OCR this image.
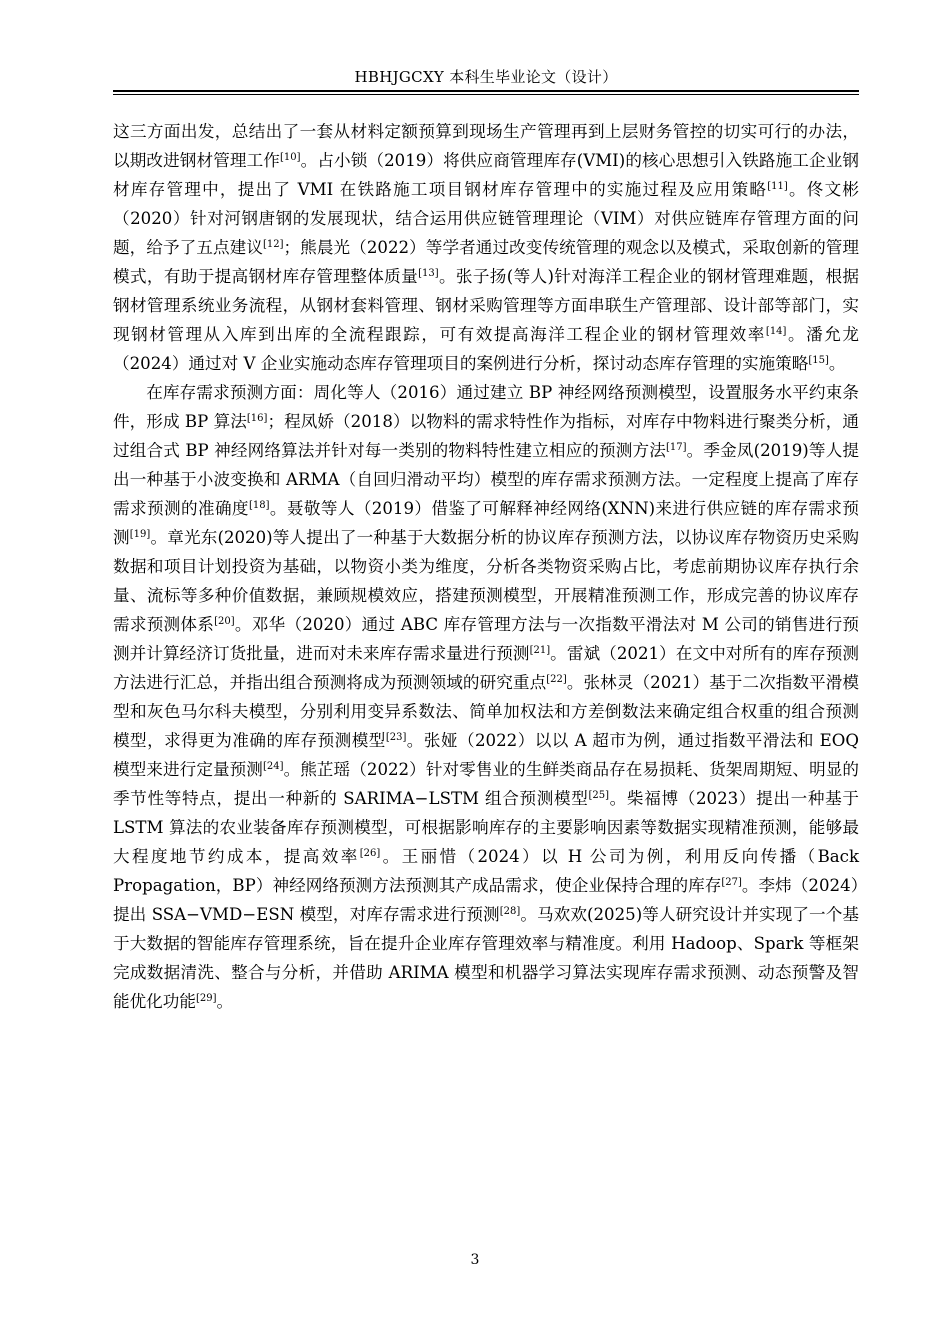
HBHJGCXY 本科生毕业论文（设计）

这三方面出发，总结出了一套从材料定额预算到现场生产管理再到上层财务管控的切实可行的办法，以期改进钢材管理工作[10]。占小锁（2019）将供应商管理库存(VMI)的核心思想引入铁路施工企业钢材库存管理中，提出了 VMI 在铁路施工项目钢材库存管理中的实施过程及应用策略[11]。佟文彬（2020）针对河钢唐钢的发展现状，结合运用供应链管理理论（VIM）对供应链库存管理方面的问题，给予了五点建议[12]；熊晨光（2022）等学者通过改变传统管理的观念以及模式，采取创新的管理模式，有助于提高钢材库存管理整体质量[13]。张子扬(等人)针对海洋工程企业的钢材管理难题，根据钢材管理系统业务流程，从钢材套料管理、钢材采购管理等方面串联生产管理部、设计部等部门，实现钢材管理从入库到出库的全流程跟踪，可有效提高海洋工程企业的钢材管理效率[14]。潘允龙（2024）通过对 V 企业实施动态库存管理项目的案例进行分析，探讨动态库存管理的实施策略[15]。

在库存需求预测方面：周化等人（2016）通过建立 BP 神经网络预测模型，设置服务水平约束条件，形成 BP 算法[16]；程凤娇（2018）以物料的需求特性作为指标，对库存中物料进行聚类分析，通过组合式 BP 神经网络算法并针对每一类别的物料特性建立相应的预测方法[17]。季金凤(2019)等人提出一种基于小波变换和 ARMA（自回归滑动平均）模型的库存需求预测方法。一定程度上提高了库存需求预测的准确度[18]。聂敬等人（2019）借鉴了可解释神经网络(XNN)来进行供应链的库存需求预测[19]。章光东(2020)等人提出了一种基于大数据分析的协议库存预测方法，以协议库存物资历史采购数据和项目计划投资为基础，以物资小类为维度，分析各类物资采购占比，考虑前期协议库存执行余量、流标等多种价值数据，兼顾规模效应，搭建预测模型，开展精准预测工作，形成完善的协议库存需求预测体系[20]。邓华（2020）通过 ABC 库存管理方法与一次指数平滑法对 M 公司的销售进行预测并计算经济订货批量，进而对未来库存需求量进行预测[21]。雷斌（2021）在文中对所有的库存预测方法进行汇总，并指出组合预测将成为预测领域的研究重点[22]。张林灵（2021）基于二次指数平滑模型和灰色马尔科夫模型，分别利用变异系数法、简单加权法和方差倒数法来确定组合权重的组合预测模型，求得更为准确的库存预测模型[23]。张娅（2022）以以 A 超市为例，通过指数平滑法和 EOQ 模型来进行定量预测[24]。熊芷瑶（2022）针对零售业的生鲜类商品存在易损耗、货架周期短、明显的季节性等特点，提出一种新的 SARIMA−LSTM 组合预测模型[25]。柴福博（2023）提出一种基于 LSTM 算法的农业装备库存预测模型，可根据影响库存的主要影响因素等数据实现精准预测，能够最大程度地节约成本，提高效率[26]。王丽惜（2024）以 H 公司为例，利用反向传播（Back Propagation，BP）神经网络预测方法预测其产成品需求，使企业保持合理的库存[27]。李炜（2024）提出 SSA−VMD−ESN 模型，对库存需求进行预测[28]。马欢欢(2025)等人研究设计并实现了一个基于大数据的智能库存管理系统，旨在提升企业库存管理效率与精准度。利用 Hadoop、Spark 等框架完成数据清洗、整合与分析，并借助 ARIMA 模型和机器学习算法实现库存需求预测、动态预警及智能优化功能[29]。

3
